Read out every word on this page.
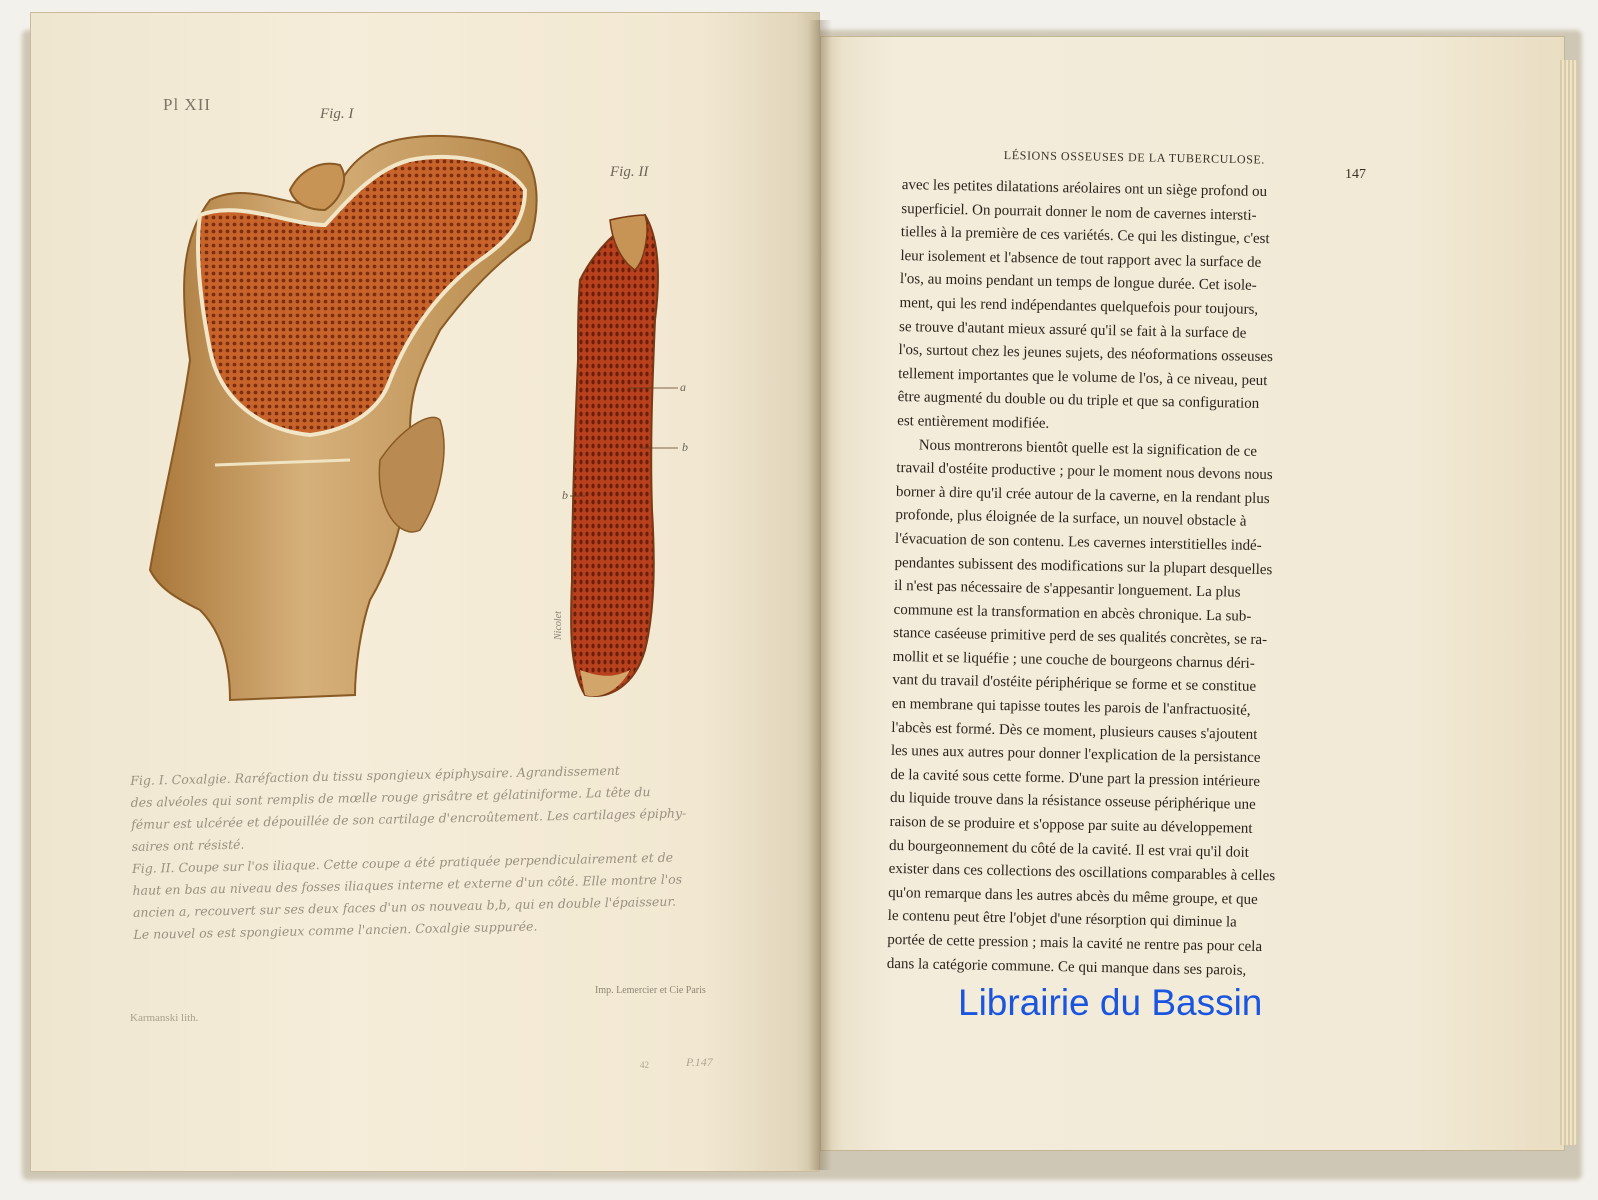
Pl XII	Fig. I
Fig. II
a
b
b
Nicolet

Fig. I. Coxalgie. Raréfaction du tissu spongieux épiphysaire. Agrandissement

des alvéoles qui sont remplis de mœlle rouge grisâtre et gélatiniforme. La tête du

fémur est ulcérée et dépouillée de son cartilage d'encroûtement. Les cartilages épiphy-

saires ont résisté.

Fig. II. Coupe sur l'os iliaque. Cette coupe a été pratiquée perpendiculairement et de

haut en bas au niveau des fosses iliaques interne et externe d'un côté. Elle montre l'os

ancien a, recouvert sur ses deux faces d'un os nouveau b,b, qui en double l'épaisseur.

Le nouvel os est spongieux comme l'ancien. Coxalgie suppurée.

Imp. Lemercier et Cie Paris
Karmanski lith.
42	P.147
LÉSIONS OSSEUSES DE LA TUBERCULOSE.
147

avec les petites dilatations aréolaires ont un siège profond ou

superficiel. On pourrait donner le nom de cavernes intersti-

tielles à la première de ces variétés. Ce qui les distingue, c'est

leur isolement et l'absence de tout rapport avec la surface de

l'os, au moins pendant un temps de longue durée. Cet isole-

ment, qui les rend indépendantes quelquefois pour toujours,

se trouve d'autant mieux assuré qu'il se fait à la surface de

l'os, surtout chez les jeunes sujets, des néoformations osseuses

tellement importantes que le volume de l'os, à ce niveau, peut

être augmenté du double ou du triple et que sa configuration

est entièrement modifiée.

Nous montrerons bientôt quelle est la signification de ce

travail d'ostéite productive ; pour le moment nous devons nous

borner à dire qu'il crée autour de la caverne, en la rendant plus

profonde, plus éloignée de la surface, un nouvel obstacle à

l'évacuation de son contenu. Les cavernes interstitielles indé-

pendantes subissent des modifications sur la plupart desquelles

il n'est pas nécessaire de s'appesantir longuement. La plus

commune est la transformation en abcès chronique. La sub-

stance caséeuse primitive perd de ses qualités concrètes, se ra-

mollit et se liquéfie ; une couche de bourgeons charnus déri-

vant du travail d'ostéite périphérique se forme et se constitue

en membrane qui tapisse toutes les parois de l'anfractuosité,

l'abcès est formé. Dès ce moment, plusieurs causes s'ajoutent

les unes aux autres pour donner l'explication de la persistance

de la cavité sous cette forme. D'une part la pression intérieure

du liquide trouve dans la résistance osseuse périphérique une

raison de se produire et s'oppose par suite au développement

du bourgeonnement du côté de la cavité. Il est vrai qu'il doit

exister dans ces collections des oscillations comparables à celles

qu'on remarque dans les autres abcès du même groupe, et que

le contenu peut être l'objet d'une résorption qui diminue la

portée de cette pression ; mais la cavité ne rentre pas pour cela

dans la catégorie commune. Ce qui manque dans ses parois,

Librairie du Bassin
